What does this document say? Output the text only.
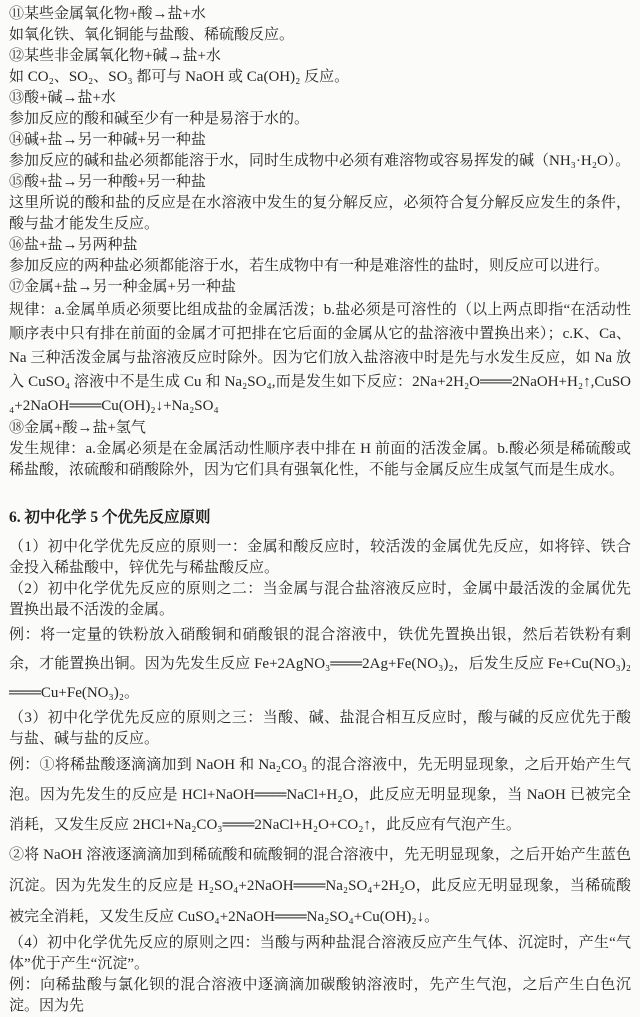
⑪某些金属氧化物+酸→盐+水

如氧化铁、氧化铜能与盐酸、稀硫酸反应。

⑫某些非金属氧化物+碱→盐+水

如 CO₂、SO₂、SO₃ 都可与 NaOH 或 Ca(OH)₂ 反应。

⑬酸+碱→盐+水

参加反应的酸和碱至少有一种是易溶于水的。

⑭碱+盐→另一种碱+另一种盐

参加反应的碱和盐必须都能溶于水，同时生成物中必须有难溶物或容易挥发的碱（NH₃·H₂O）。

⑮酸+盐→另一种酸+另一种盐

这里所说的酸和盐的反应是在水溶液中发生的复分解反应，必须符合复分解反应发生的条件， 酸与盐才能发生反应。

⑯盐+盐→另两种盐

参加反应的两种盐必须都能溶于水，若生成物中有一种是难溶性的盐时，则反应可以进行。

⑰金属+盐→另一种金属+另一种盐

规律：a.金属单质必须要比组成盐的金属活泼；b.盐必须是可溶性的（以上两点即指“在活动性顺序表中只有排在前面的金属才可把排在它后面的金属从它的盐溶液中置换出来）；c.K、Ca、Na 三种活泼金属与盐溶液反应时除外。因为它们放入盐溶液中时是先与水发生反应，如 Na 放入 CuSO₄ 溶液中不是生成 Cu 和 Na₂SO₄,而是发生如下反应：2Na+2H₂O═══2NaOH+H₂↑,CuSO₄+2NaOH═══Cu(OH)₂↓+Na₂SO₄

⑱金属+酸→盐+氢气

发生规律：a.金属必须是在金属活动性顺序表中排在 H 前面的活泼金属。b.酸必须是稀硫酸或稀盐酸，浓硫酸和硝酸除外，因为它们具有强氧化性，不能与金属反应生成氢气而是生成水。

6. 初中化学 5 个优先反应原则

（1）初中化学优先反应的原则一：金属和酸反应时，较活泼的金属优先反应，如将锌、铁合金投入稀盐酸中，锌优先与稀盐酸反应。

（2）初中化学优先反应的原则之二：当金属与混合盐溶液反应时，金属中最活泼的金属优先置换出最不活泼的金属。

例：将一定量的铁粉放入硝酸铜和硝酸银的混合溶液中，铁优先置换出银，然后若铁粉有剩余，才能置换出铜。因为先发生反应 Fe+2AgNO₃═══2Ag+Fe(NO₃)₂，后发生反应 Fe+Cu(NO₃)₂═══Cu+Fe(NO₃)₂。

（3）初中化学优先反应的原则之三：当酸、碱、盐混合相互反应时，酸与碱的反应优先于酸与盐、碱与盐的反应。

例：①将稀盐酸逐滴滴加到 NaOH 和 Na₂CO₃ 的混合溶液中，先无明显现象，之后开始产生气泡。因为先发生的反应是 HCl+NaOH═══NaCl+H₂O，此反应无明显现象，当 NaOH 已被完全消耗，又发生反应 2HCl+Na₂CO₃═══2NaCl+H₂O+CO₂↑，此反应有气泡产生。

②将 NaOH 溶液逐滴滴加到稀硫酸和硫酸铜的混合溶液中，先无明显现象，之后开始产生蓝色沉淀。因为先发生的反应是 H₂SO₄+2NaOH═══Na₂SO₄+2H₂O，此反应无明显现象，当稀硫酸被完全消耗，又发生反应 CuSO₄+2NaOH═══Na₂SO₄+Cu(OH)₂↓。

（4）初中化学优先反应的原则之四：当酸与两种盐混合溶液反应产生气体、沉淀时，产生“气体”优于产生“沉淀”。

例：向稀盐酸与氯化钡的混合溶液中逐滴滴加碳酸钠溶液时，先产生气泡，之后产生白色沉淀。因为先
